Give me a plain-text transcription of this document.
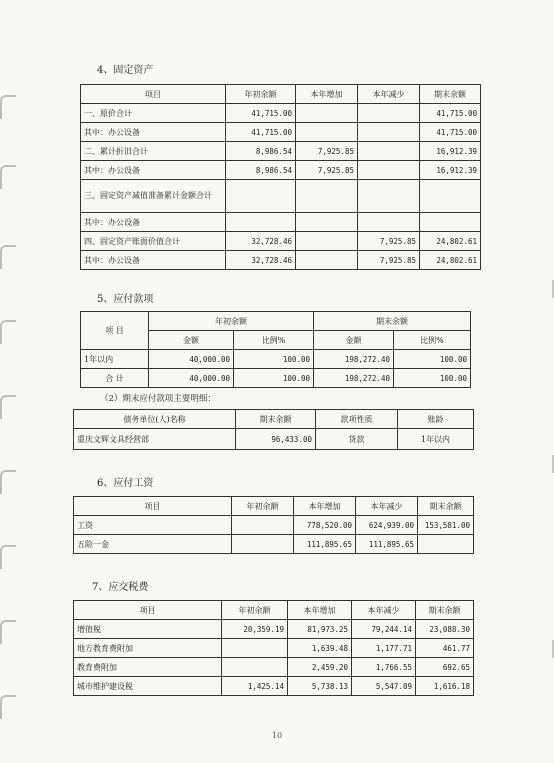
4、固定资产
项目	年初余额	本年增加	本年减少	期末余额
一、原价合计	41,715.00			41,715.00
其中：办公设备	41,715.00			41,715.00
二、累计折旧合计	8,986.54	7,925.85		16,912.39
其中：办公设备	8,986.54	7,925.85		16,912.39
三、固定资产减值准备累计金额合计				
其中：办公设备				
四、固定资产账面价值合计	32,728.46		7,925.85	24,802.61
其中：办公设备	32,728.46		7,925.85	24,802.61
5、应付款项
项 目	年初余额		期末余额	
	金额	比例%	金额	比例%
1年以内	40,000.00	100.00	198,272.40	100.00
合 计	40,000.00	100.00	198,272.40	100.00
（2）期末应付款项主要明细：
债务单位(人)名称	期末余额	款项性质	账龄
重庆文辉文具经营部	96,433.00	货款	1年以内
6、应付工资
项目	年初余额	本年增加	本年减少	期末余额
工资		778,520.00	624,939.00	153,581.00
五险一金		111,895.65	111,895.65	
7、应交税费
项目	年初余额	本年增加	本年减少	期末余额
增值税	20,359.19	81,973.25	79,244.14	23,088.30
地方教育费附加		1,639.48	1,177.71	461.77
教育费附加		2,459.20	1,766.55	692.65
城市维护建设税	1,425.14	5,738.13	5,547.09	1,616.18
10
